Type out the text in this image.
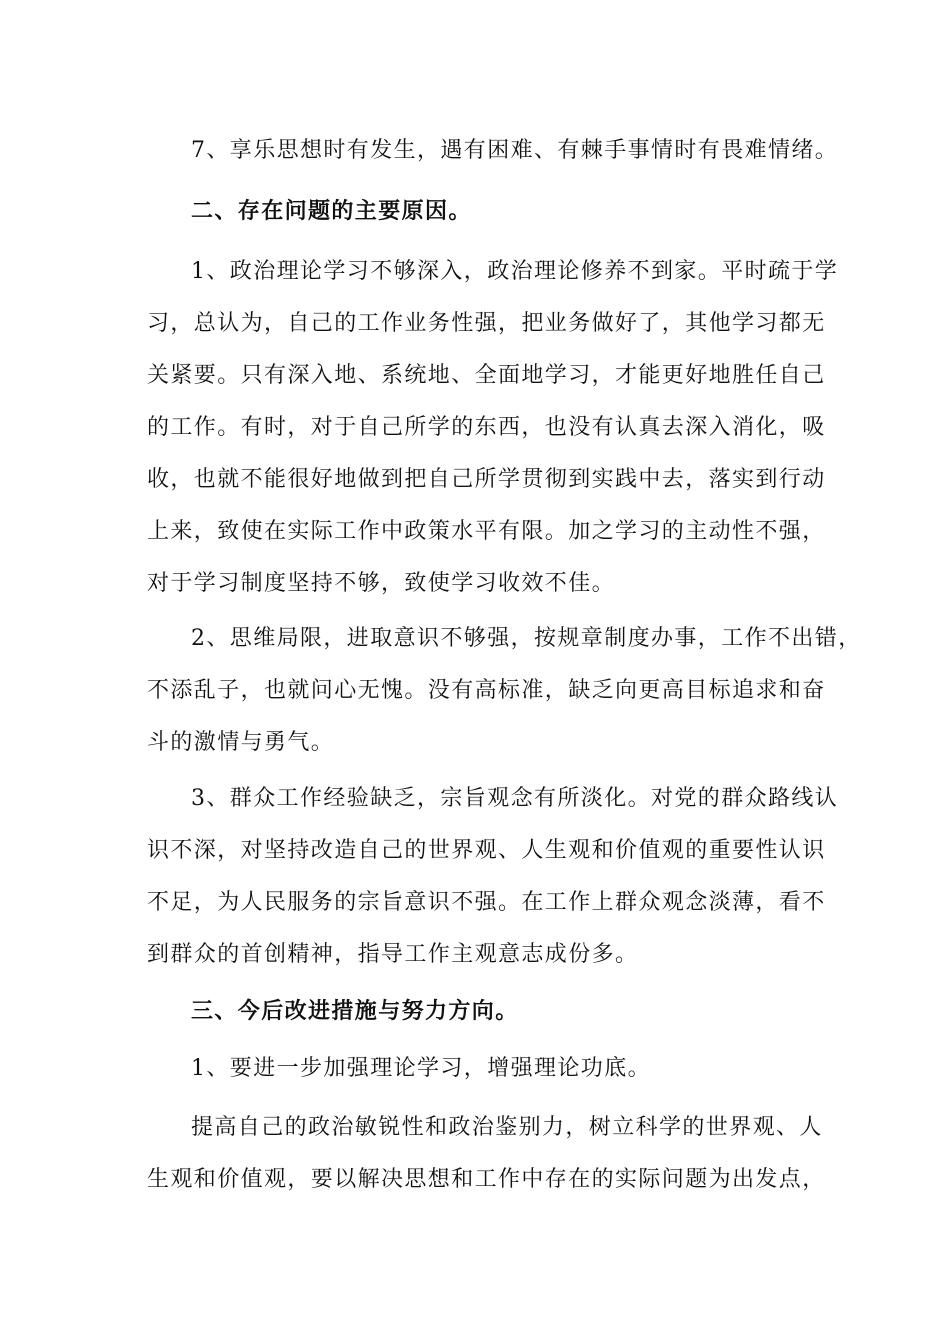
7、享乐思想时有发生，遇有困难、有棘手事情时有畏难情绪。

二、存在问题的主要原因。

1、政治理论学习不够深入，政治理论修养不到家。平时疏于学

习，总认为，自己的工作业务性强，把业务做好了，其他学习都无

关紧要。只有深入地、系统地、全面地学习，才能更好地胜任自己

的工作。有时，对于自己所学的东西，也没有认真去深入消化，吸

收，也就不能很好地做到把自己所学贯彻到实践中去，落实到行动

上来，致使在实际工作中政策水平有限。加之学习的主动性不强，

对于学习制度坚持不够，致使学习收效不佳。

2、思维局限，进取意识不够强，按规章制度办事，工作不出错，

不添乱子，也就问心无愧。没有高标准，缺乏向更高目标追求和奋

斗的激情与勇气。

3、群众工作经验缺乏，宗旨观念有所淡化。对党的群众路线认

识不深，对坚持改造自己的世界观、人生观和价值观的重要性认识

不足，为人民服务的宗旨意识不强。在工作上群众观念淡薄，看不

到群众的首创精神，指导工作主观意志成份多。

三、今后改进措施与努力方向。

1、要进一步加强理论学习，增强理论功底。

提高自己的政治敏锐性和政治鉴别力，树立科学的世界观、人

生观和价值观，要以解决思想和工作中存在的实际问题为出发点，
